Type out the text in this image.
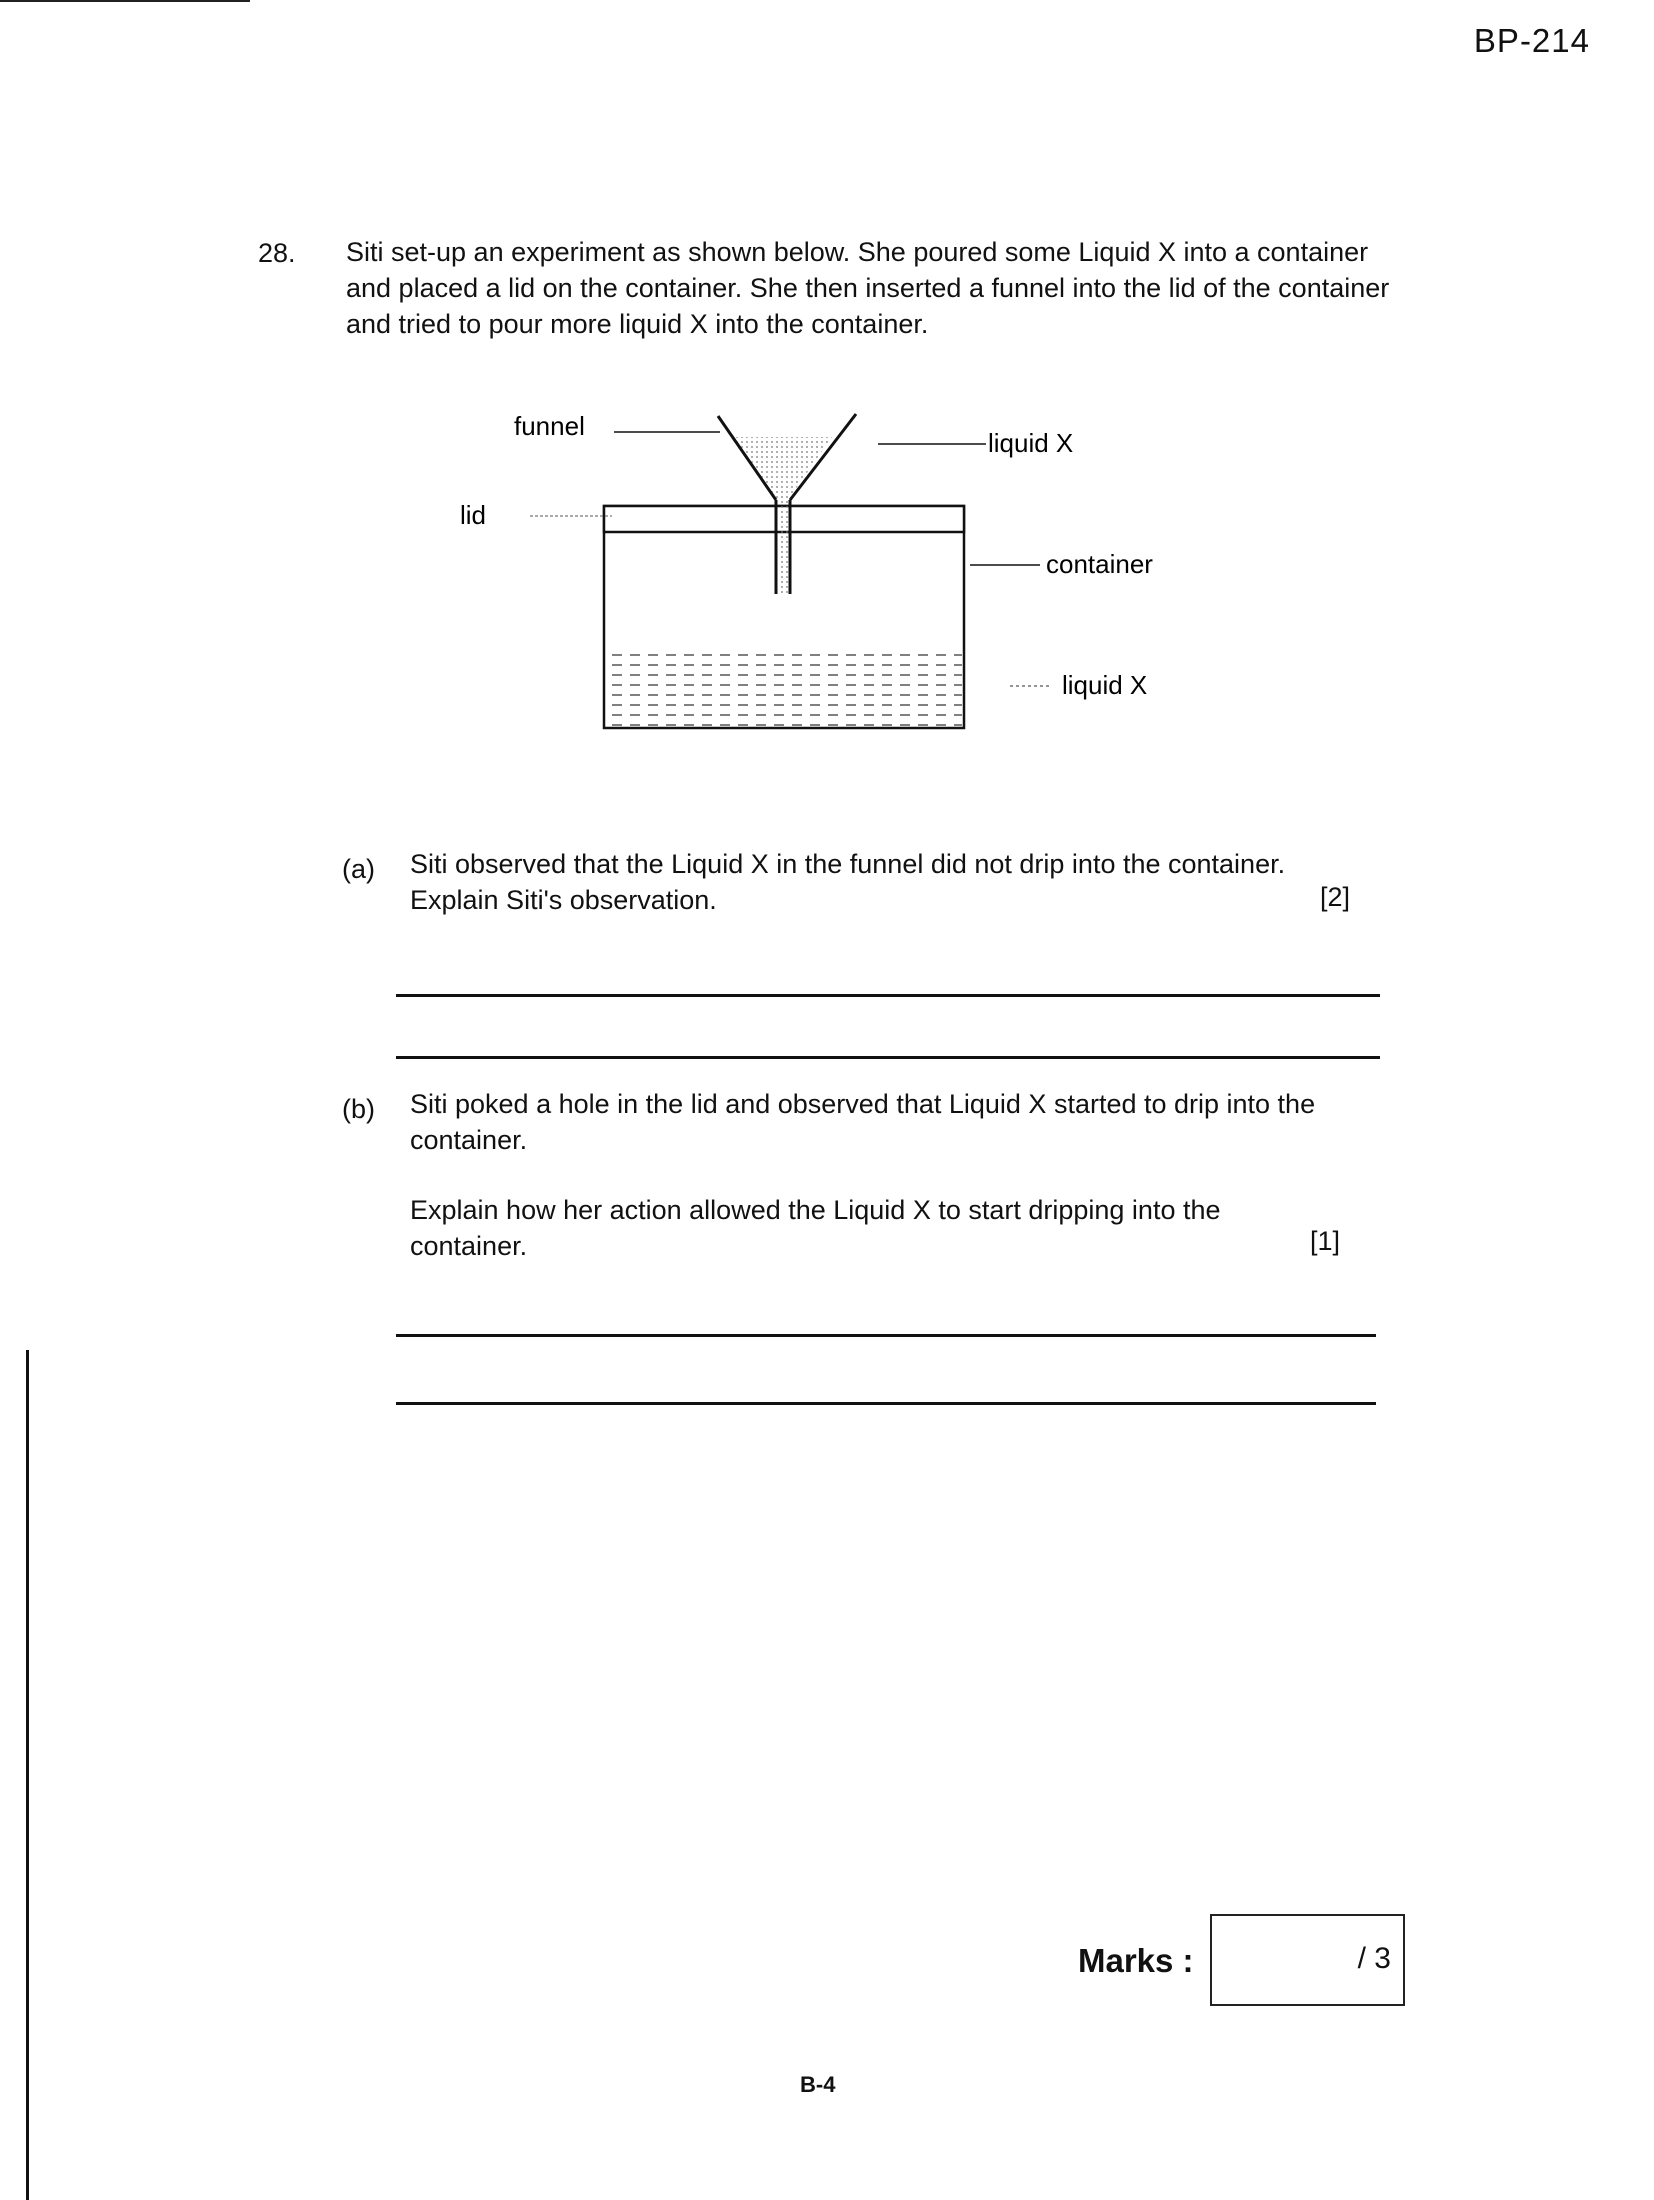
BP-214
28. Siti set-up an experiment as shown below. She poured some Liquid X into a container and placed a lid on the container. She then inserted a funnel into the lid of the container and tried to pour more liquid X into the container.
funnel
lid
liquid X
container
liquid X
(a) Siti observed that the Liquid X in the funnel did not drip into the container. Explain Siti's observation.	[2]
(b) Siti poked a hole in the lid and observed that Liquid X started to drip into the container.
Explain how her action allowed the Liquid X to start dripping into the container.	[1]
Marks :	/ 3
B-4
